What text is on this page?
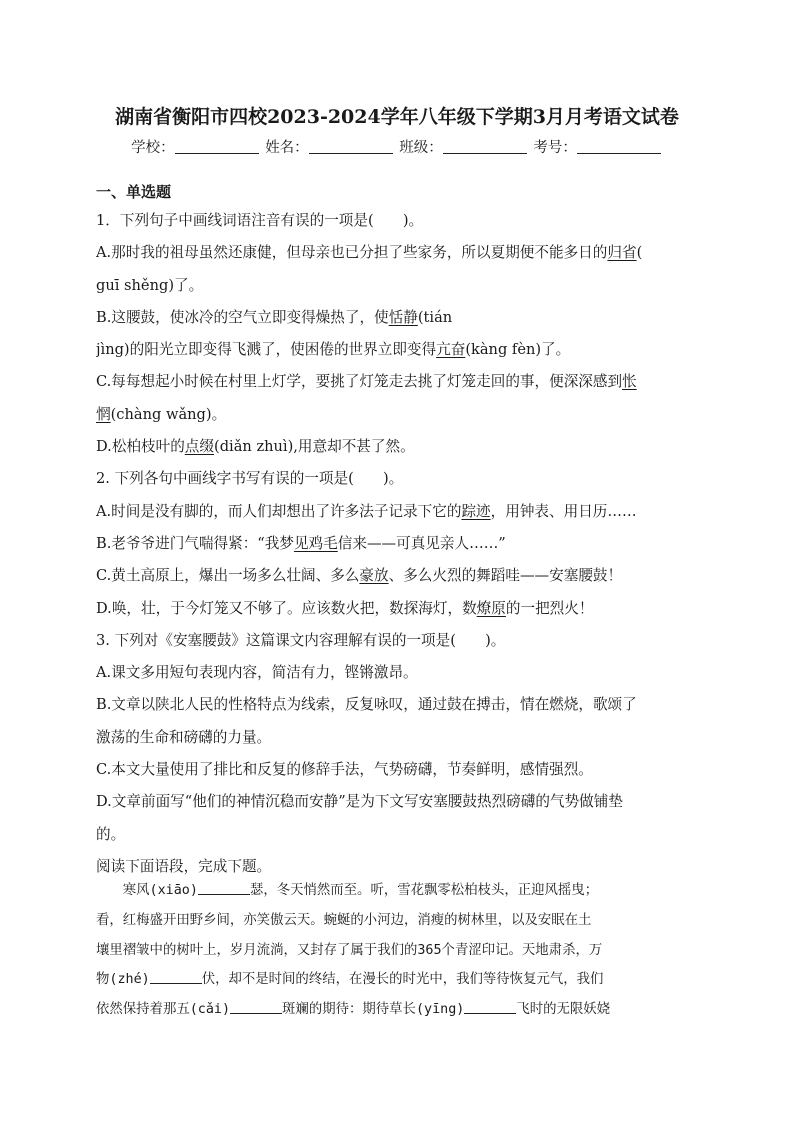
湖南省衡阳市四校2023-2024学年八年级下学期3月月考语文试卷
学校：	姓名：	班级：	考号：
一、单选题
1．下列句子中画线词语注音有误的一项是(　　)。
A.那时我的祖母虽然还康健，但母亲也已分担了些家务，所以夏期便不能多日的归省(
guī shěng)了。
B.这腰鼓，使冰冷的空气立即变得燥热了，使恬静(tián
jìng)的阳光立即变得飞溅了，使困倦的世界立即变得亢奋(kàng fèn)了。
C.每每想起小时候在村里上灯学，要挑了灯笼走去挑了灯笼走回的事，便深深感到怅
惘(chàng wǎng)。
D.松柏枝叶的点缀(diǎn zhuì),用意却不甚了然。
2. 下列各句中画线字书写有误的一项是(　　)。
A.时间是没有脚的，而人们却想出了许多法子记录下它的踪迹，用钟表、用日历……
B.老爷爷进门气喘得紧：“我梦见鸡毛信来——可真见亲人……”
C.黄土高原上，爆出一场多么壮阔、多么豪放、多么火烈的舞蹈哇——安塞腰鼓！
D.唤，壮，于今灯笼又不够了。应该数火把，数探海灯，数燎原的一把烈火！
3. 下列对《安塞腰鼓》这篇课文内容理解有误的一项是(　　)。
A.课文多用短句表现内容，简洁有力，铿锵激昂。
B.文章以陕北人民的性格特点为线索，反复咏叹，通过鼓在搏击，情在燃烧，歌颂了
激荡的生命和磅礴的力量。
C.本文大量使用了排比和反复的修辞手法，气势磅礴，节奏鲜明，感情强烈。
D.文章前面写“他们的神情沉稳而安静”是为下文写安塞腰鼓热烈磅礴的气势做铺垫
的。
阅读下面语段，完成下题。
　　寒风(xiāo)	瑟，冬天悄然而至。听，雪花飘零松柏枝头，正迎风摇曳；
看，红梅盛开田野乡间，亦笑傲云天。蜿蜒的小河边，消瘦的树林里，以及安眠在土
壤里褶皱中的树叶上，岁月流淌，又封存了属于我们的365个青涩印记。天地肃杀，万
物(zhé)	伏，却不是时间的终结，在漫长的时光中，我们等待恢复元气，我们
依然保持着那五(cǎi)	斑斓的期待：期待草长(yīng)	飞时的无限妖娆
